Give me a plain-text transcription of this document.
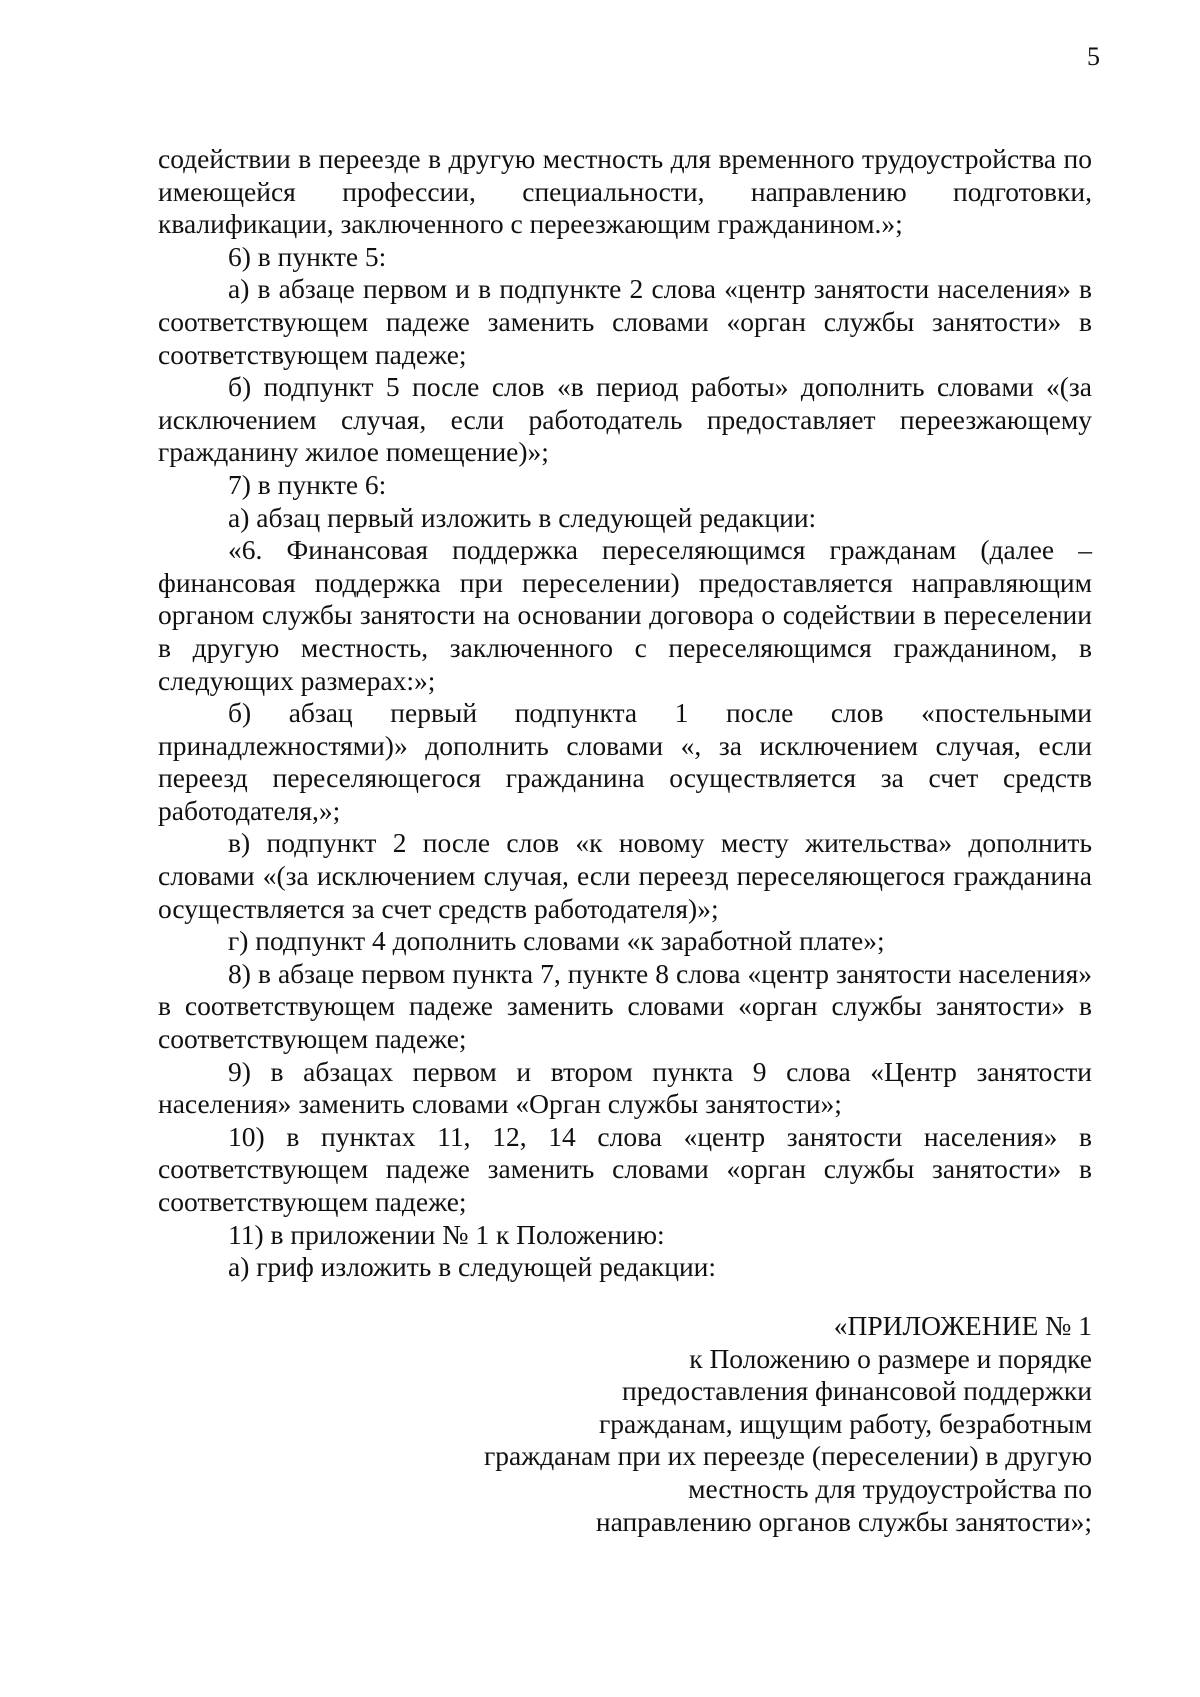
5

содействии в переезде в другую местность для временного трудоустройства по имеющейся профессии, специальности, направлению подготовки, квалификации, заключенного с переезжающим гражданином.»;

6) в пункте 5:

а) в абзаце первом и в подпункте 2 слова «центр занятости населения» в соответствующем падеже заменить словами «орган службы занятости» в соответствующем падеже;

б) подпункт 5 после слов «в период работы» дополнить словами «(за исключением случая, если работодатель предоставляет переезжающему гражданину жилое помещение)»;

7) в пункте 6:

а) абзац первый изложить в следующей редакции:

«6. Финансовая поддержка переселяющимся гражданам (далее – финансовая поддержка при переселении) предоставляется направляющим органом службы занятости на основании договора о содействии в переселении в другую местность, заключенного с переселяющимся гражданином, в следующих размерах:»;

б) абзац первый подпункта 1 после слов «постельными принадлежностями)» дополнить словами «, за исключением случая, если переезд переселяющегося гражданина осуществляется за счет средств работодателя,»;

в) подпункт 2 после слов «к новому месту жительства» дополнить словами «(за исключением случая, если переезд переселяющегося гражданина осуществляется за счет средств работодателя)»;

г) подпункт 4 дополнить словами «к заработной плате»;

8) в абзаце первом пункта 7, пункте 8 слова «центр занятости населения» в соответствующем падеже заменить словами «орган службы занятости» в соответствующем падеже;

9) в абзацах первом и втором пункта 9 слова «Центр занятости населения» заменить словами «Орган службы занятости»;

10) в пунктах 11, 12, 14 слова «центр занятости населения» в соответствующем падеже заменить словами «орган службы занятости» в соответствующем падеже;

11) в приложении № 1 к Положению:

а) гриф изложить в следующей редакции:

«ПРИЛОЖЕНИЕ № 1
к Положению о размере и порядке
предоставления финансовой поддержки
гражданам, ищущим работу, безработным
гражданам при их переезде (переселении) в другую
местность для трудоустройства по
направлению органов службы занятости»;
